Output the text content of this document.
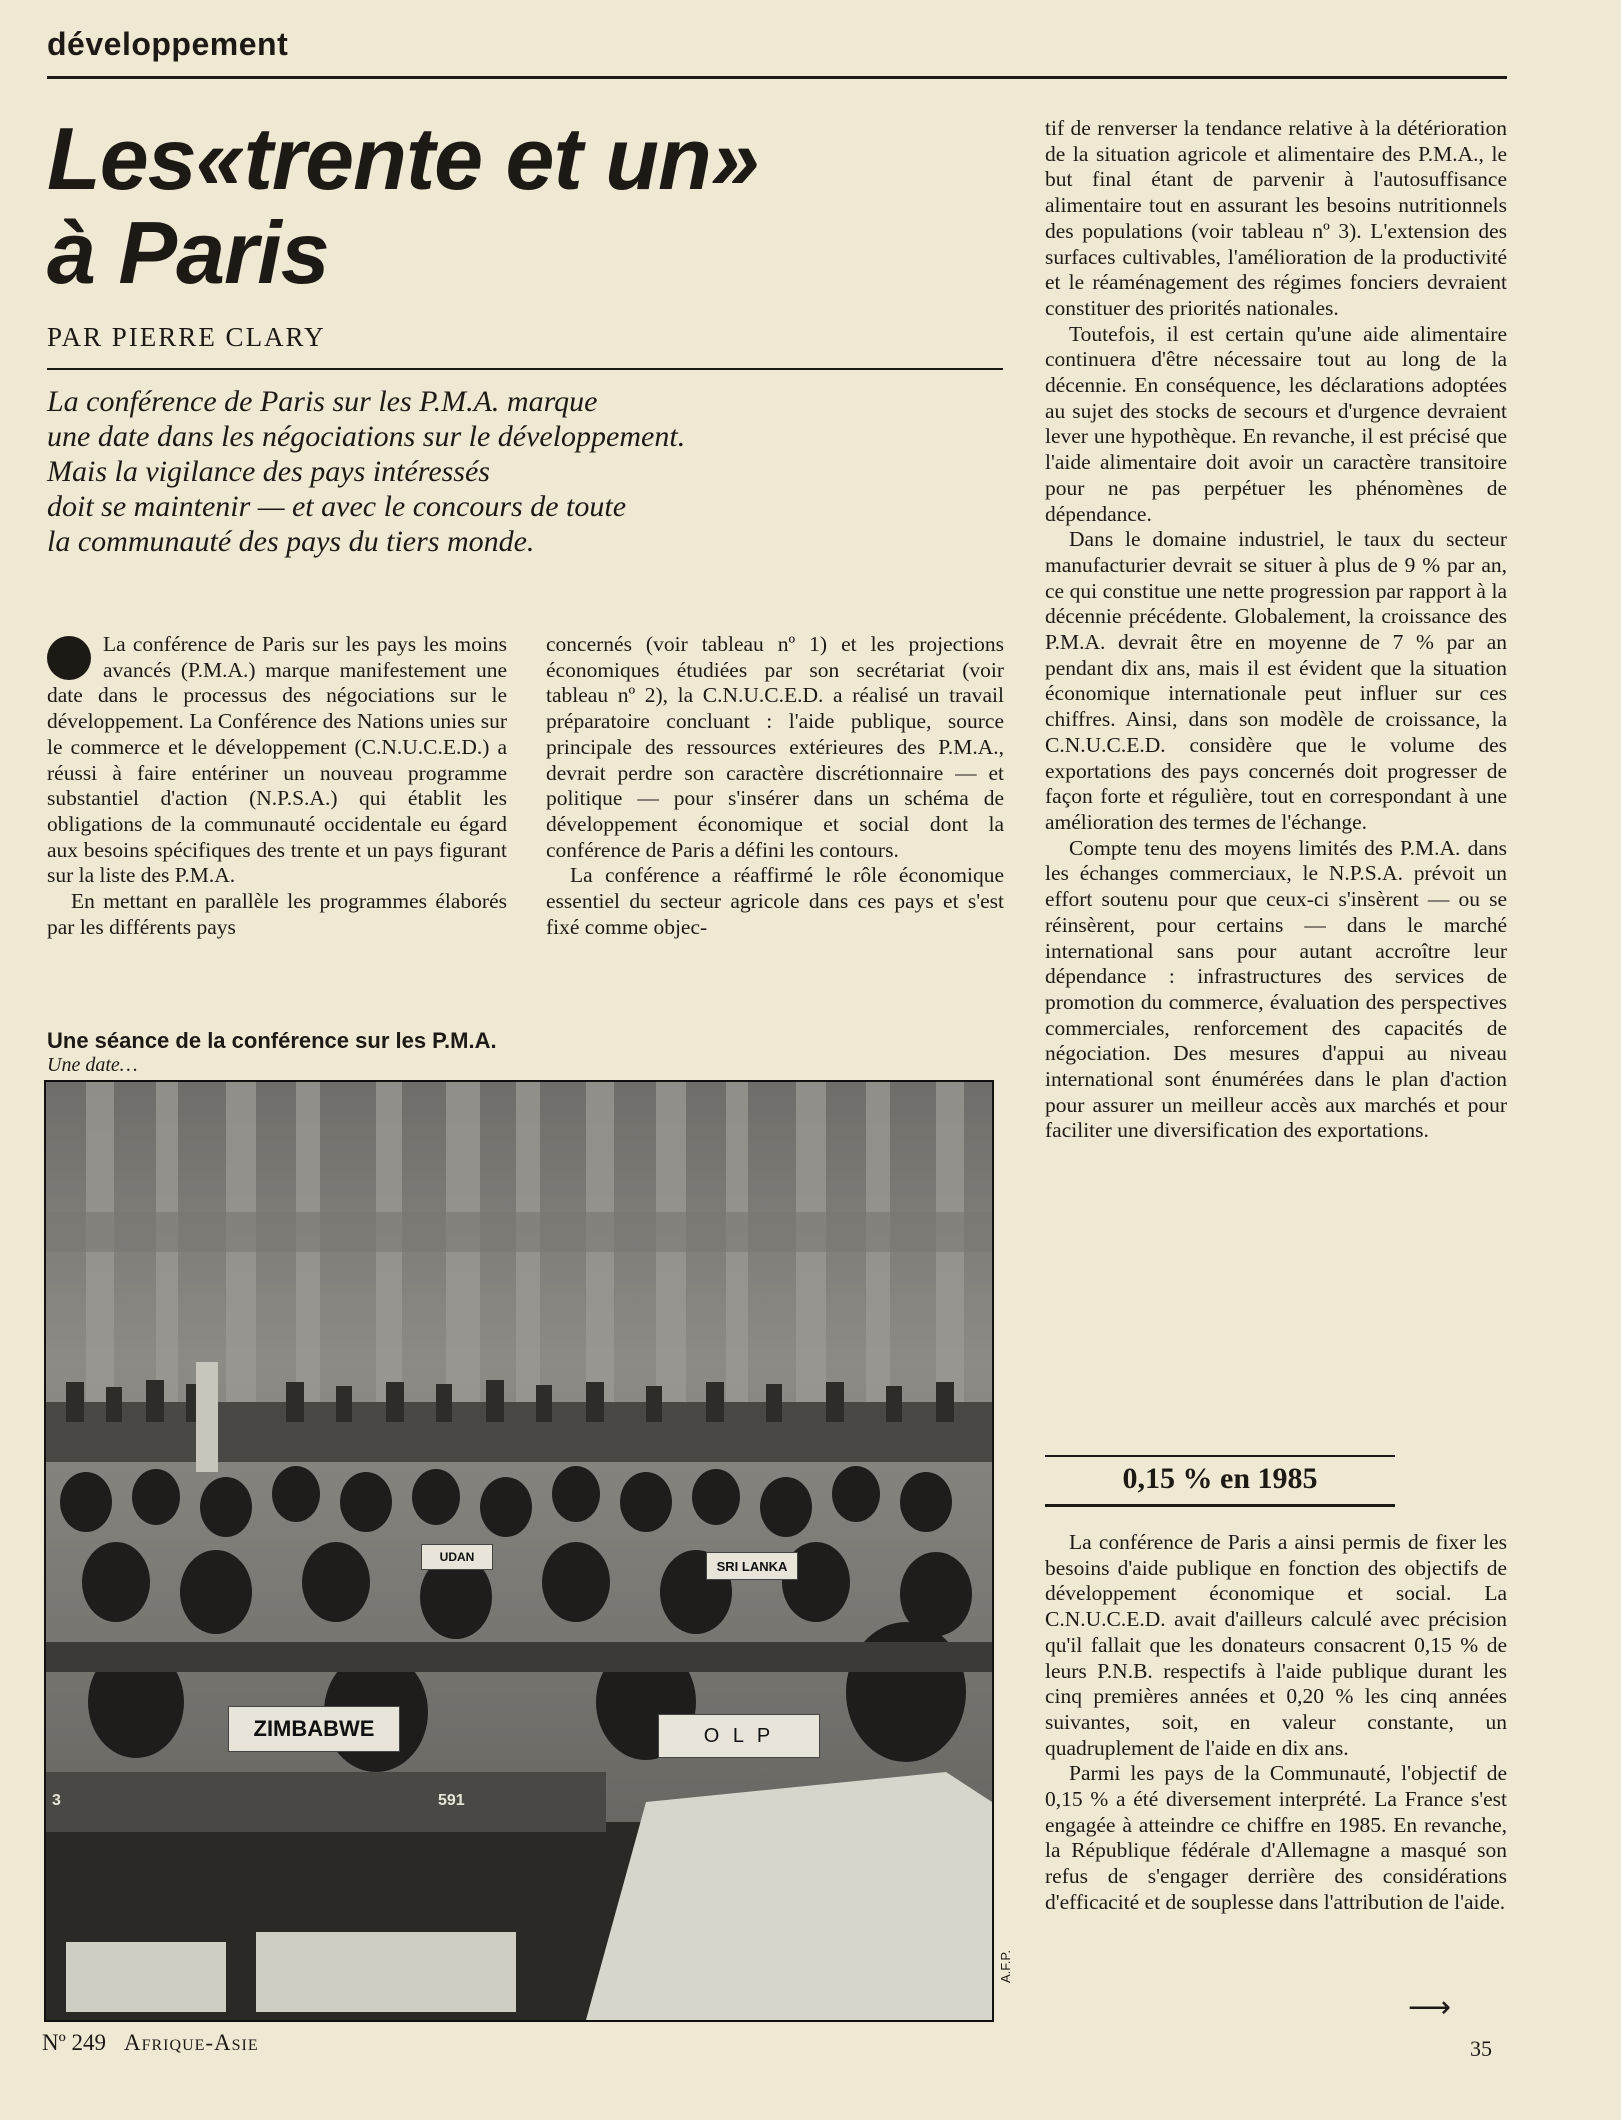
développement
Les«trente et un»
à Paris
PAR PIERRE CLARY
La conférence de Paris sur les P.M.A. marque
une date dans les négociations sur le développement.
Mais la vigilance des pays intéressés
doit se maintenir — et avec le concours de toute
la communauté des pays du tiers monde.

La conférence de Paris sur les pays les moins avancés (P.M.A.) marque manifestement une date dans le processus des négociations sur le développement. La Conférence des Nations unies sur le commerce et le développement (C.N.U.C.E.D.) a réussi à faire entériner un nouveau programme substantiel d'action (N.P.S.A.) qui établit les obligations de la communauté occidentale eu égard aux besoins spécifiques des trente et un pays figurant sur la liste des P.M.A.

En mettant en parallèle les programmes élaborés par les différents pays

concernés (voir tableau nº 1) et les projections économiques étudiées par son secrétariat (voir tableau nº 2), la C.N.U.C.E.D. a réalisé un travail préparatoire concluant : l'aide publique, source principale des ressources extérieures des P.M.A., devrait perdre son caractère discrétionnaire — et politique — pour s'insérer dans un schéma de développement économique et social dont la conférence de Paris a défini les contours.

La conférence a réaffirmé le rôle économique essentiel du secteur agricole dans ces pays et s'est fixé comme objec-

tif de renverser la tendance relative à la détérioration de la situation agricole et alimentaire des P.M.A., le but final étant de parvenir à l'autosuffisance alimentaire tout en assurant les besoins nutritionnels des populations (voir tableau nº 3). L'extension des surfaces cultivables, l'amélioration de la productivité et le réaménagement des régimes fonciers devraient constituer des priorités nationales.

Toutefois, il est certain qu'une aide alimentaire continuera d'être nécessaire tout au long de la décennie. En conséquence, les déclarations adoptées au sujet des stocks de secours et d'urgence devraient lever une hypothèque. En revanche, il est précisé que l'aide alimentaire doit avoir un caractère transitoire pour ne pas perpétuer les phénomènes de dépendance.

Dans le domaine industriel, le taux du secteur manufacturier devrait se situer à plus de 9 % par an, ce qui constitue une nette progression par rapport à la décennie précédente. Globalement, la croissance des P.M.A. devrait être en moyenne de 7 % par an pendant dix ans, mais il est évident que la situation économique internationale peut influer sur ces chiffres. Ainsi, dans son modèle de croissance, la C.N.U.C.E.D. considère que le volume des exportations des pays concernés doit progresser de façon forte et régulière, tout en correspondant à une amélioration des termes de l'échange.

Compte tenu des moyens limités des P.M.A. dans les échanges commerciaux, le N.P.S.A. prévoit un effort soutenu pour que ceux-ci s'insèrent — ou se réinsèrent, pour certains — dans le marché international sans pour autant accroître leur dépendance : infrastructures des services de promotion du commerce, évaluation des perspectives commerciales, renforcement des capacités de négociation. Des mesures d'appui au niveau international sont énumérées dans le plan d'action pour assurer un meilleur accès aux marchés et pour faciliter une diversification des exportations.

0,15 % en 1985

La conférence de Paris a ainsi permis de fixer les besoins d'aide publique en fonction des objectifs de développement économique et social. La C.N.U.C.E.D. avait d'ailleurs calculé avec précision qu'il fallait que les donateurs consacrent 0,15 % de leurs P.N.B. respectifs à l'aide publique durant les cinq premières années et 0,20 % les cinq années suivantes, soit, en valeur constante, un quadruplement de l'aide en dix ans.

Parmi les pays de la Communauté, l'objectif de 0,15 % a été diversement interprété. La France s'est engagée à atteindre ce chiffre en 1985. En revanche, la République fédérale d'Allemagne a masqué son refus de s'engager derrière des considérations d'efficacité et de souplesse dans l'attribution de l'aide.

Une séance de la conférence sur les P.M.A.
Une date…
ZIMBABWE	O L P
SRI LANKA
UDAN
591
3
A.F.P.
⟶
Nº 249 Afrique-Asie	35
